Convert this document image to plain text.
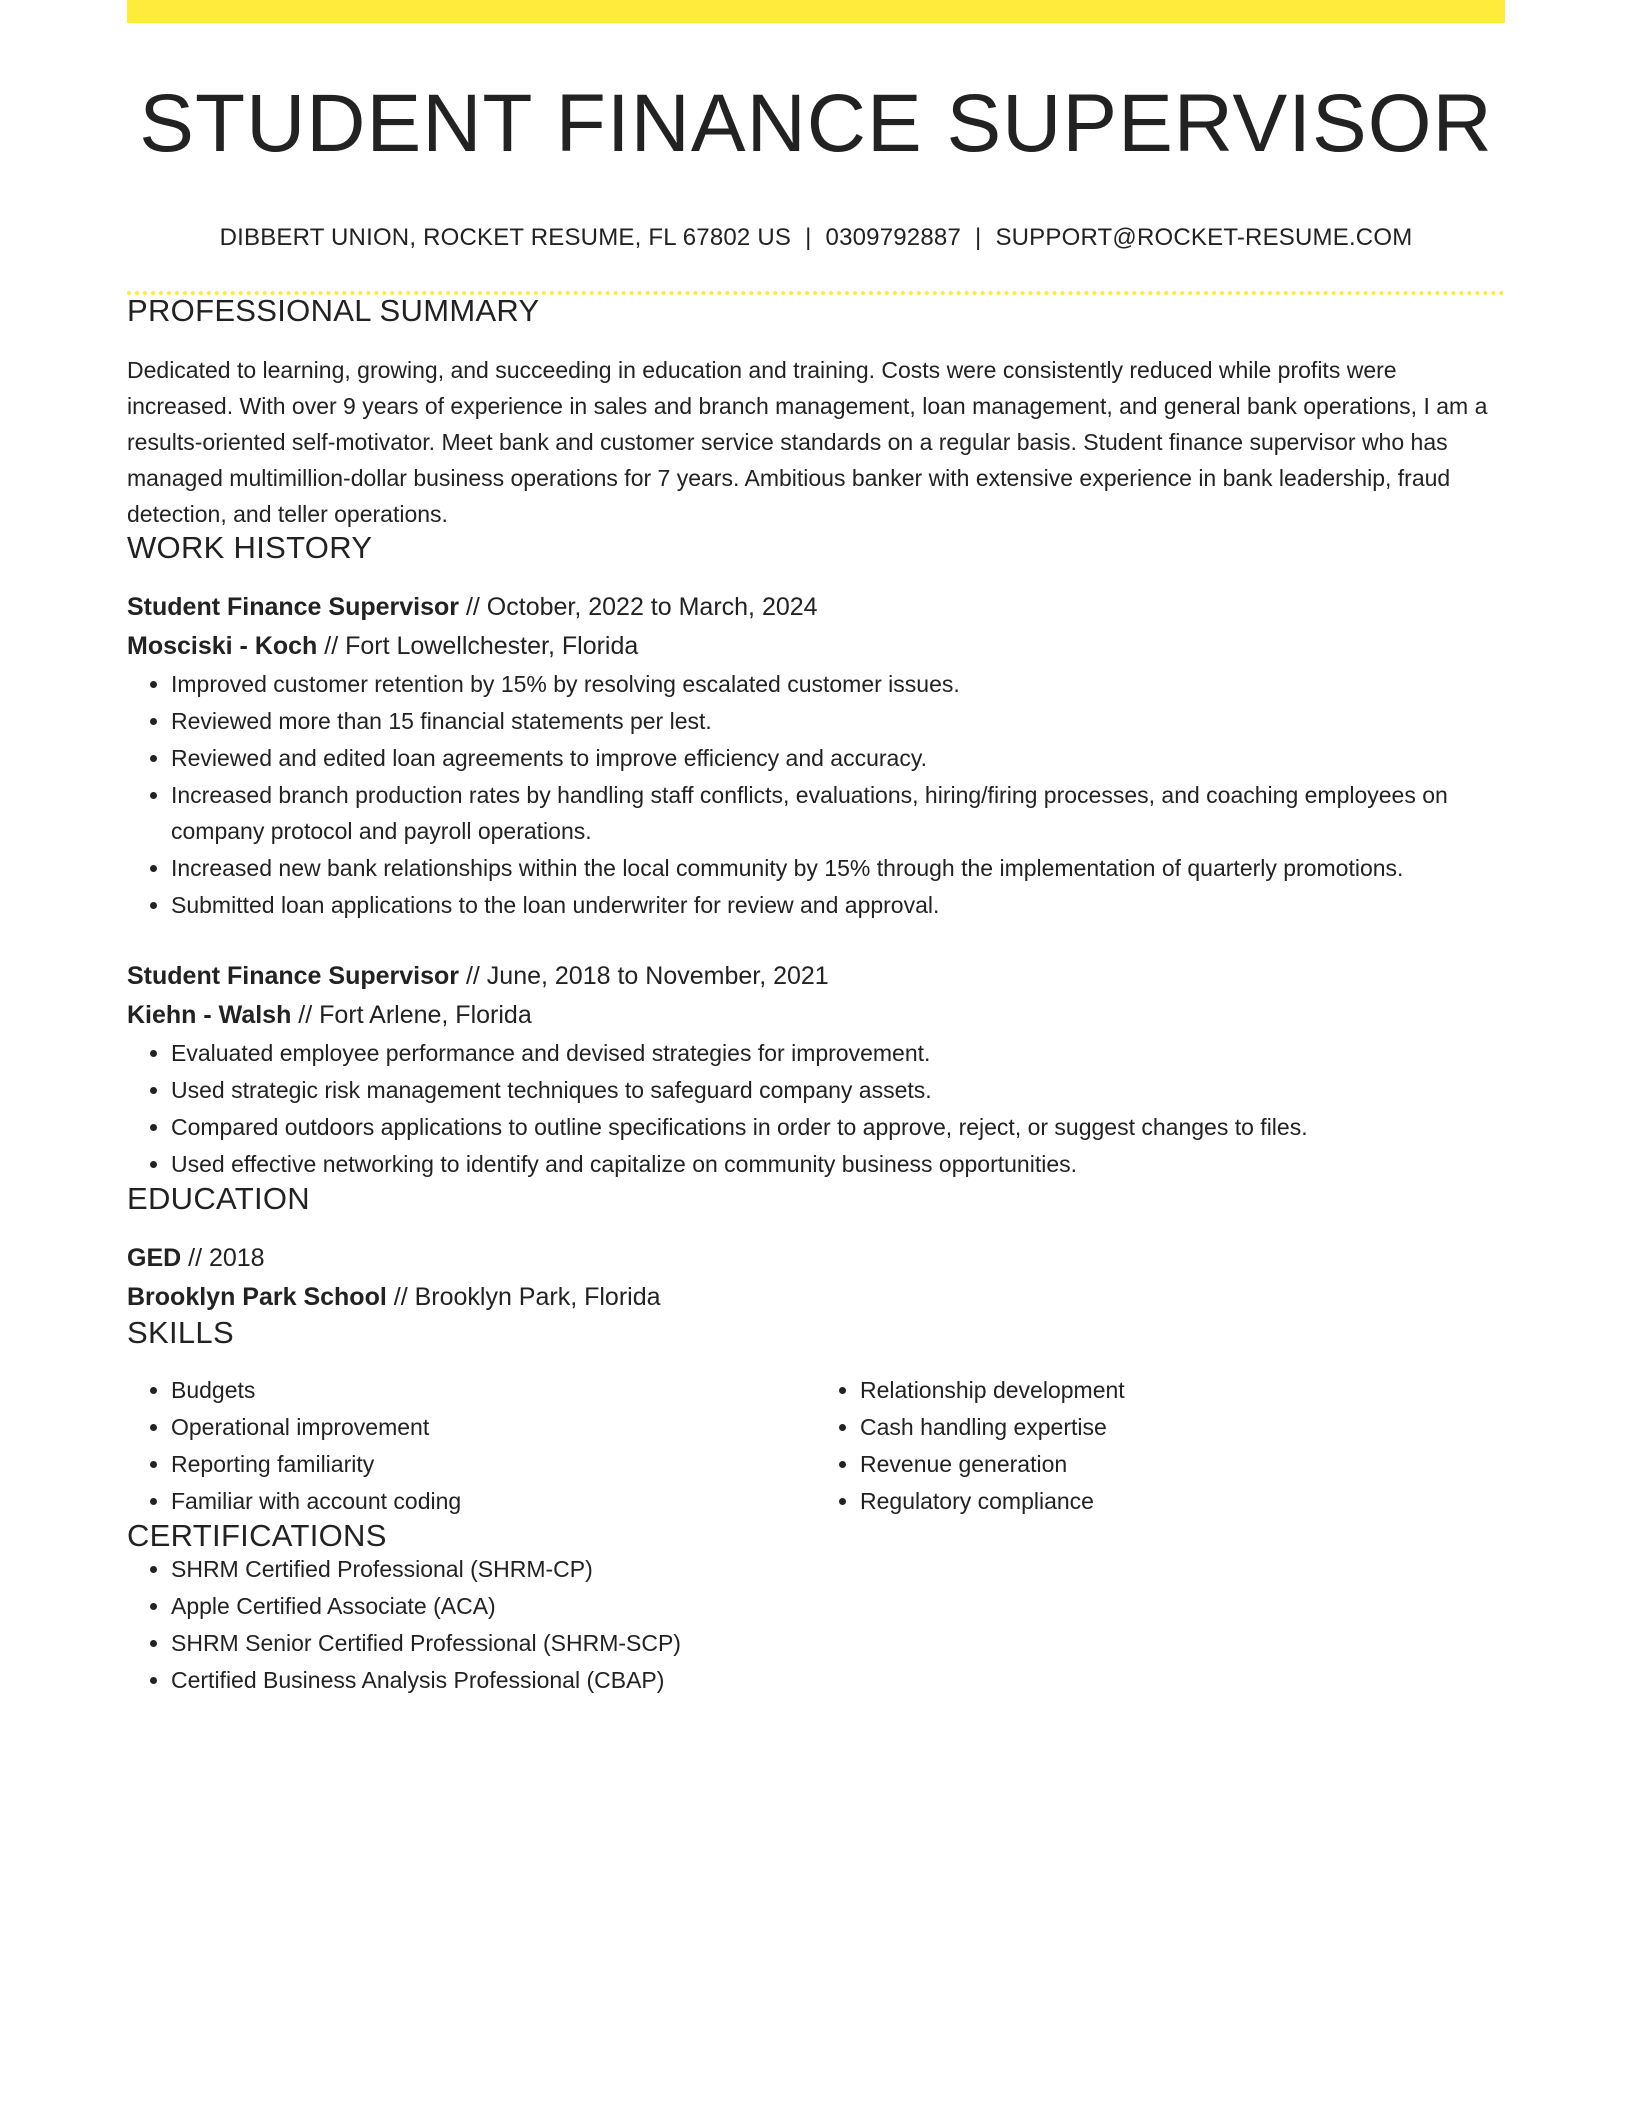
STUDENT FINANCE SUPERVISOR
DIBBERT UNION, ROCKET RESUME, FL 67802 US | 0309792887 | SUPPORT@ROCKET-RESUME.COM
PROFESSIONAL SUMMARY

Dedicated to learning, growing, and succeeding in education and training. Costs were consistently reduced while profits were increased. With over 9 years of experience in sales and branch management, loan management, and general bank operations, I am a results-oriented self-motivator. Meet bank and customer service standards on a regular basis. Student finance supervisor who has managed multimillion-dollar business operations for 7 years. Ambitious banker with extensive experience in bank leadership, fraud detection, and teller operations.

WORK HISTORY
Student Finance Supervisor // October, 2022 to March, 2024
Mosciski - Koch // Fort Lowellchester, Florida
• Improved customer retention by 15% by resolving escalated customer issues.
• Reviewed more than 15 financial statements per lest.
• Reviewed and edited loan agreements to improve efficiency and accuracy.
• Increased branch production rates by handling staff conflicts, evaluations, hiring/firing processes, and coaching employees on company protocol and payroll operations.
• Increased new bank relationships within the local community by 15% through the implementation of quarterly promotions.
• Submitted loan applications to the loan underwriter for review and approval.
Student Finance Supervisor // June, 2018 to November, 2021
Kiehn - Walsh // Fort Arlene, Florida
• Evaluated employee performance and devised strategies for improvement.
• Used strategic risk management techniques to safeguard company assets.
• Compared outdoors applications to outline specifications in order to approve, reject, or suggest changes to files.
• Used effective networking to identify and capitalize on community business opportunities.
EDUCATION
GED // 2018
Brooklyn Park School // Brooklyn Park, Florida
SKILLS
• Budgets
• Operational improvement
• Reporting familiarity
• Familiar with account coding
• Relationship development
• Cash handling expertise
• Revenue generation
• Regulatory compliance
CERTIFICATIONS
• SHRM Certified Professional (SHRM-CP)
• Apple Certified Associate (ACA)
• SHRM Senior Certified Professional (SHRM-SCP)
• Certified Business Analysis Professional (CBAP)
